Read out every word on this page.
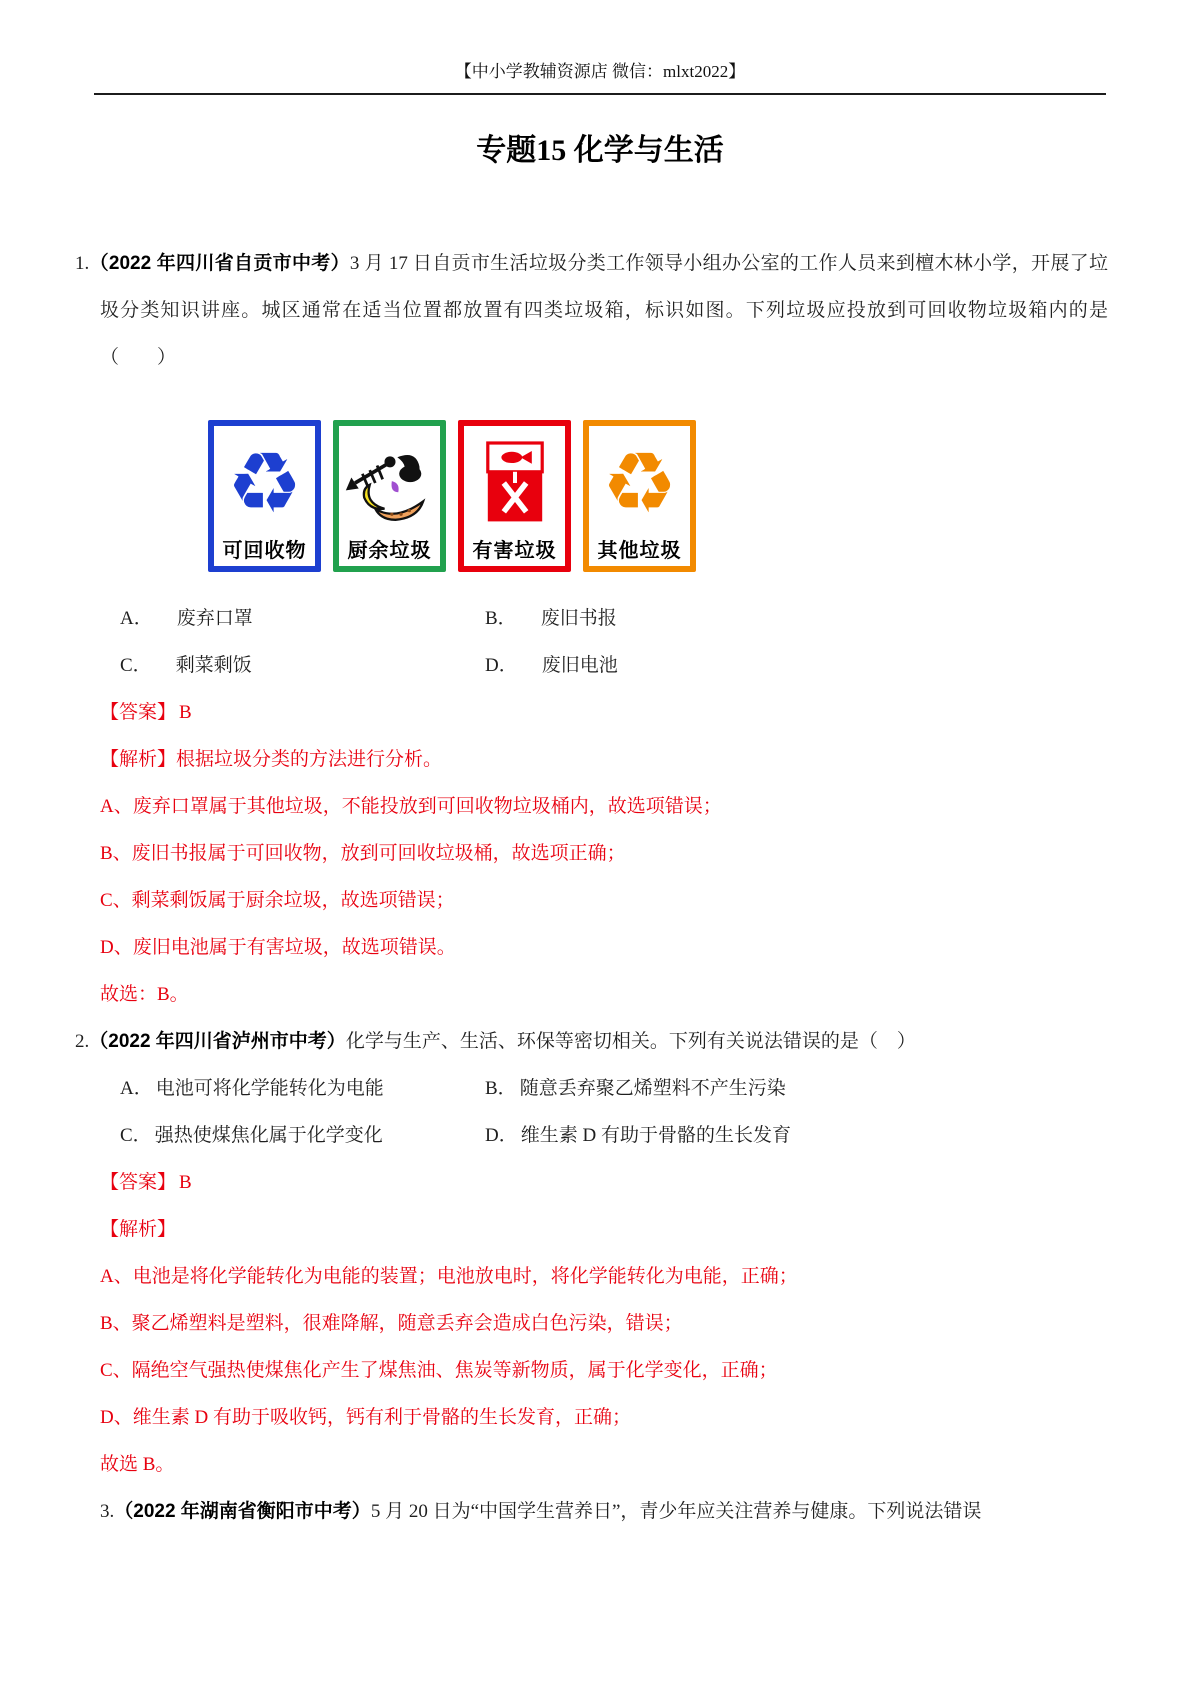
【中小学教辅资源店 微信：mlxt2022】
专题15 化学与生活

1.（2022 年四川省自贡市中考）3 月 17 日自贡市生活垃圾分类工作领导小组办公室的工作人员来到檀木林小学，开展了垃圾分类知识讲座。城区通常在适当位置都放置有四类垃圾箱，标识如图。下列垃圾应投放到可回收物垃圾箱内的是（　　）

♻︎
可回收物 厨余垃圾 有害垃圾
♻︎
其他垃圾
A． 废弃口罩	B． 废旧书报
C． 剩菜剩饭	D． 废旧电池

【答案】 B

【解析】根据垃圾分类的方法进行分析。

A、废弃口罩属于其他垃圾，不能投放到可回收物垃圾桶内，故选项错误；

B、废旧书报属于可回收物，放到可回收垃圾桶，故选项正确；

C、剩菜剩饭属于厨余垃圾，故选项错误；

D、废旧电池属于有害垃圾，故选项错误。

故选：B。

2.（2022 年四川省泸州市中考）化学与生产、生活、环保等密切相关。下列有关说法错误的是（　）

A． 电池可将化学能转化为电能	B． 随意丢弃聚乙烯塑料不产生污染
C． 强热使煤焦化属于化学变化	D． 维生素 D 有助于骨骼的生长发育

【答案】 B

【解析】

A、电池是将化学能转化为电能的装置；电池放电时，将化学能转化为电能，正确；

B、聚乙烯塑料是塑料，很难降解，随意丢弃会造成白色污染，错误；

C、隔绝空气强热使煤焦化产生了煤焦油、焦炭等新物质，属于化学变化，正确；

D、维生素 D 有助于吸收钙，钙有利于骨骼的生长发育，正确；

故选 B。

3.（2022 年湖南省衡阳市中考）5 月 20 日为“中国学生营养日”，青少年应关注营养与健康。下列说法错误
